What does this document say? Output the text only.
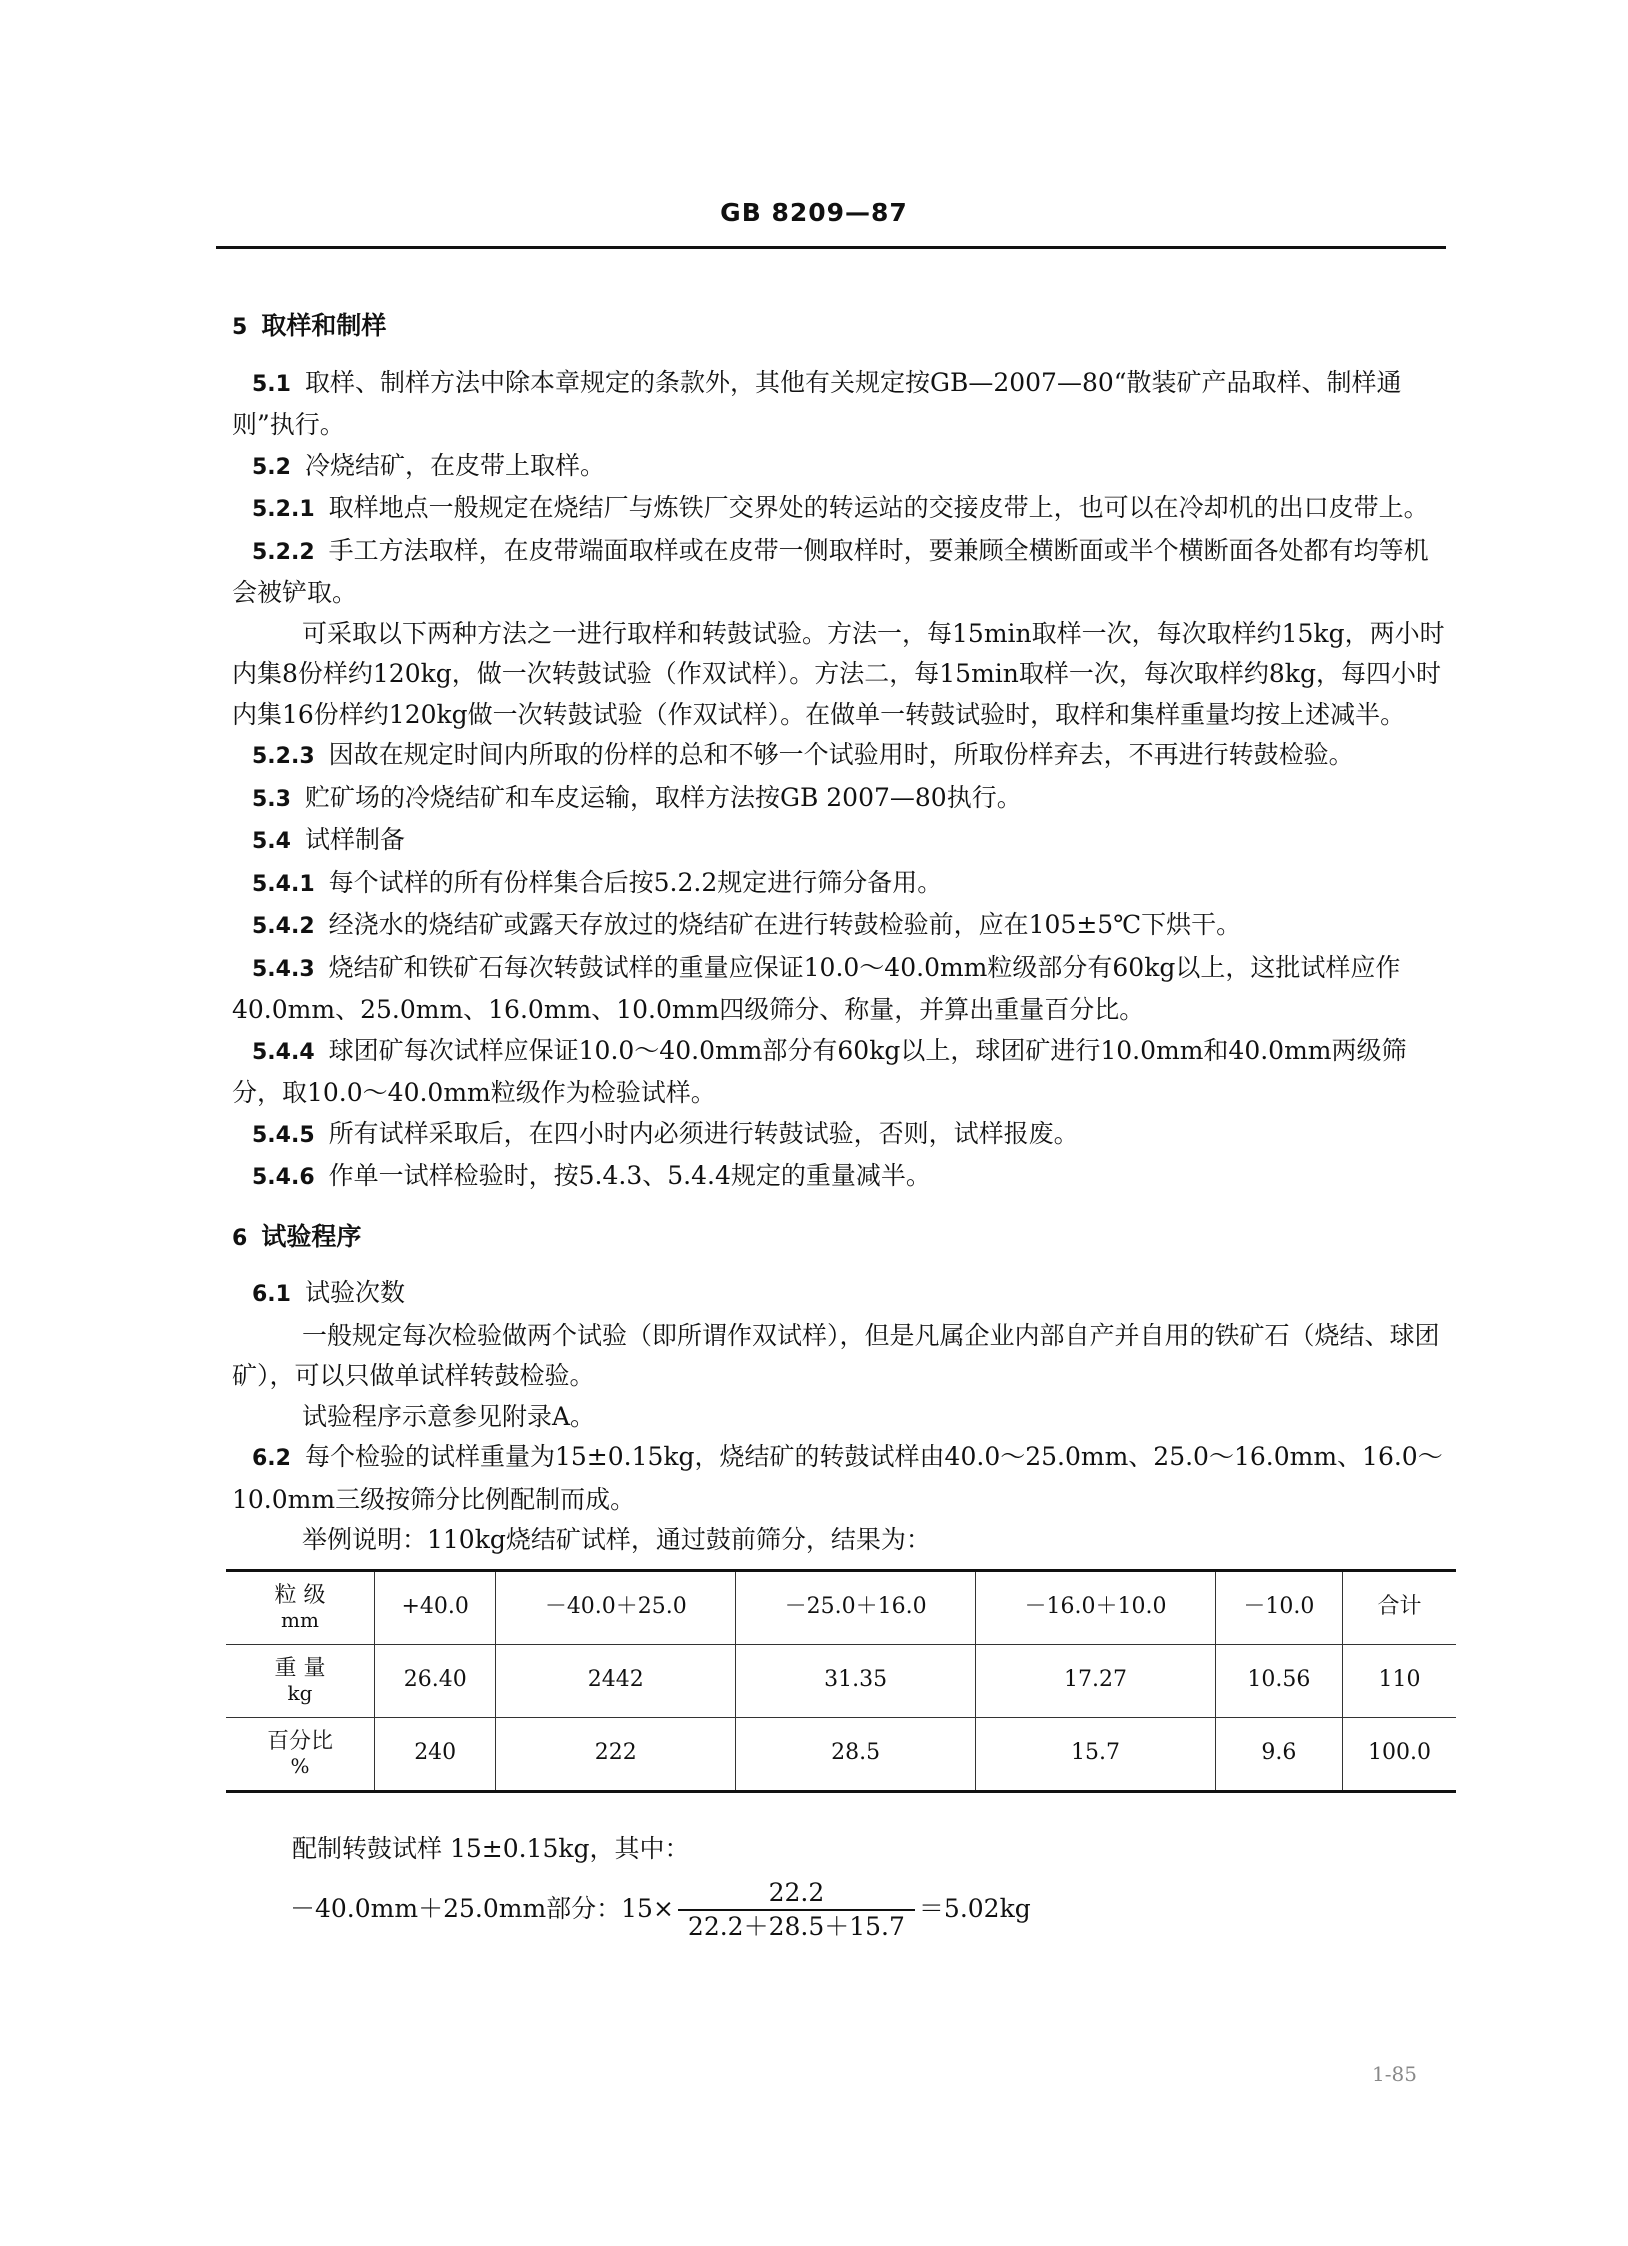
GB 8209—87

5 取样和制样

5.1 取样、制样方法中除本章规定的条款外，其他有关规定按GB—2007—80“散装矿产品取样、制样通则”执行。

5.2 冷烧结矿，在皮带上取样。

5.2.1 取样地点一般规定在烧结厂与炼铁厂交界处的转运站的交接皮带上，也可以在冷却机的出口皮带上。

5.2.2 手工方法取样，在皮带端面取样或在皮带一侧取样时，要兼顾全横断面或半个横断面各处都有均等机会被铲取。

可采取以下两种方法之一进行取样和转鼓试验。方法一，每15min取样一次，每次取样约15kg，两小时内集8份样约120kg，做一次转鼓试验（作双试样）。方法二，每15min取样一次，每次取样约8kg，每四小时内集16份样约120kg做一次转鼓试验（作双试样）。在做单一转鼓试验时，取样和集样重量均按上述减半。

5.2.3 因故在规定时间内所取的份样的总和不够一个试验用时，所取份样弃去，不再进行转鼓检验。

5.3 贮矿场的冷烧结矿和车皮运输，取样方法按GB 2007—80执行。

5.4 试样制备

5.4.1 每个试样的所有份样集合后按5.2.2规定进行筛分备用。

5.4.2 经浇水的烧结矿或露天存放过的烧结矿在进行转鼓检验前，应在105±5℃下烘干。

5.4.3 烧结矿和铁矿石每次转鼓试样的重量应保证10.0～40.0mm粒级部分有60kg以上，这批试样应作40.0mm、25.0mm、16.0mm、10.0mm四级筛分、称量，并算出重量百分比。

5.4.4 球团矿每次试样应保证10.0～40.0mm部分有60kg以上，球团矿进行10.0mm和40.0mm两级筛分，取10.0～40.0mm粒级作为检验试样。

5.4.5 所有试样采取后，在四小时内必须进行转鼓试验，否则，试样报废。

5.4.6 作单一试样检验时，按5.4.3、5.4.4规定的重量减半。

6 试验程序

6.1 试验次数

一般规定每次检验做两个试验（即所谓作双试样），但是凡属企业内部自产并自用的铁矿石（烧结、球团矿），可以只做单试样转鼓检验。

试验程序示意参见附录A。

6.2 每个检验的试样重量为15±0.15kg，烧结矿的转鼓试样由40.0～25.0mm、25.0～16.0mm、16.0～10.0mm三级按筛分比例配制而成。

举例说明：110kg烧结矿试样，通过鼓前筛分，结果为：

粒 级
mm	+40.0	－40.0＋25.0	－25.0＋16.0	－16.0＋10.0	－10.0	合计

重 量
kg	26.40	2442	31.35	17.27	10.56	110

百分比
%	240	222	28.5	15.7	9.6	100.0
配制转鼓试样 15±0.15kg，其中：
－40.0mm＋25.0mm部分：$15\times \frac{22.2}{22.2+28.5+15.7} =5.02kg$
1-85
